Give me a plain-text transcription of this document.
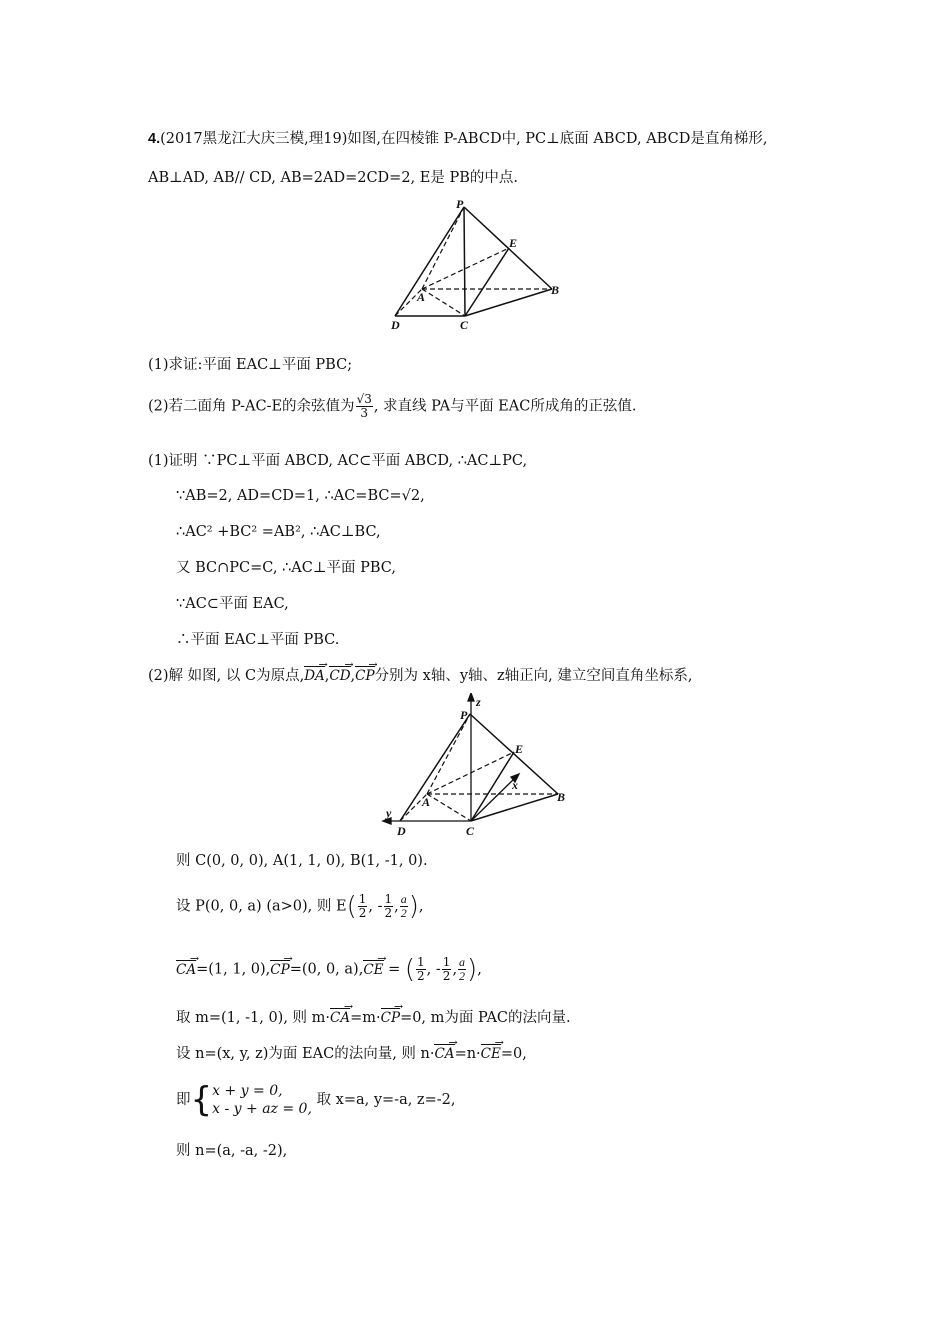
4.(2017黑龙江大庆三模,理19)如图,在四棱锥 P-ABCD中, PC⊥底面 ABCD, ABCD是直角梯形,
AB⊥AD, AB// CD, AB=2AD=2CD=2, E是 PB的中点.
P
E
A	B
C
D
(1)求证:平面 EAC⊥平面 PBC;
(2)若二面角 P-AC-E的余弦值为 $\frac{√3}{3}$ , 求直线 PA与平面 EAC所成角的正弦值.
(1)证明 ∵PC⊥平面 ABCD, AC⊂平面 ABCD, ∴AC⊥PC,
∵AB=2, AD=CD=1, ∴AC=BC=√2,
∴AC² +BC² =AB², ∴AC⊥BC,
又 BC∩PC=C, ∴AC⊥平面 PBC,
∵AC⊂平面 EAC,
∴平面 EAC⊥平面 PBC.
(2)解 如图, 以 C为原点,→ DA,→ CD,→ CP分别为 x轴、y轴、z轴正向, 建立空间直角坐标系,
P
z
E
x
A	B
C
D
y
则 C(0, 0, 0), A(1, 1, 0), B(1, -1, 0).
设 P(0, 0, a) (a>0), 则 $E( \frac{1}{2}$ , - $\frac{1}{2}$ , $\frac{a}{2}$ ),
→ CA=(1, 1, 0),→ CP=(0, 0, a),→ CE = ( $\frac{1}{2}$ , - $\frac{1}{2}$ , $\frac{a}{2}$ ),
取 m=(1, -1, 0), 则 m·→ CA=m·→ CP=0, m为面 PAC的法向量.
设 n=(x, y, z)为面 EAC的法向量, 则 n·→ CA=n·→ CE=0,
即{ x + y = 0,
x - y + az = 0,
取 x=a, y=-a, z=-2,
则 n=(a, -a, -2),
